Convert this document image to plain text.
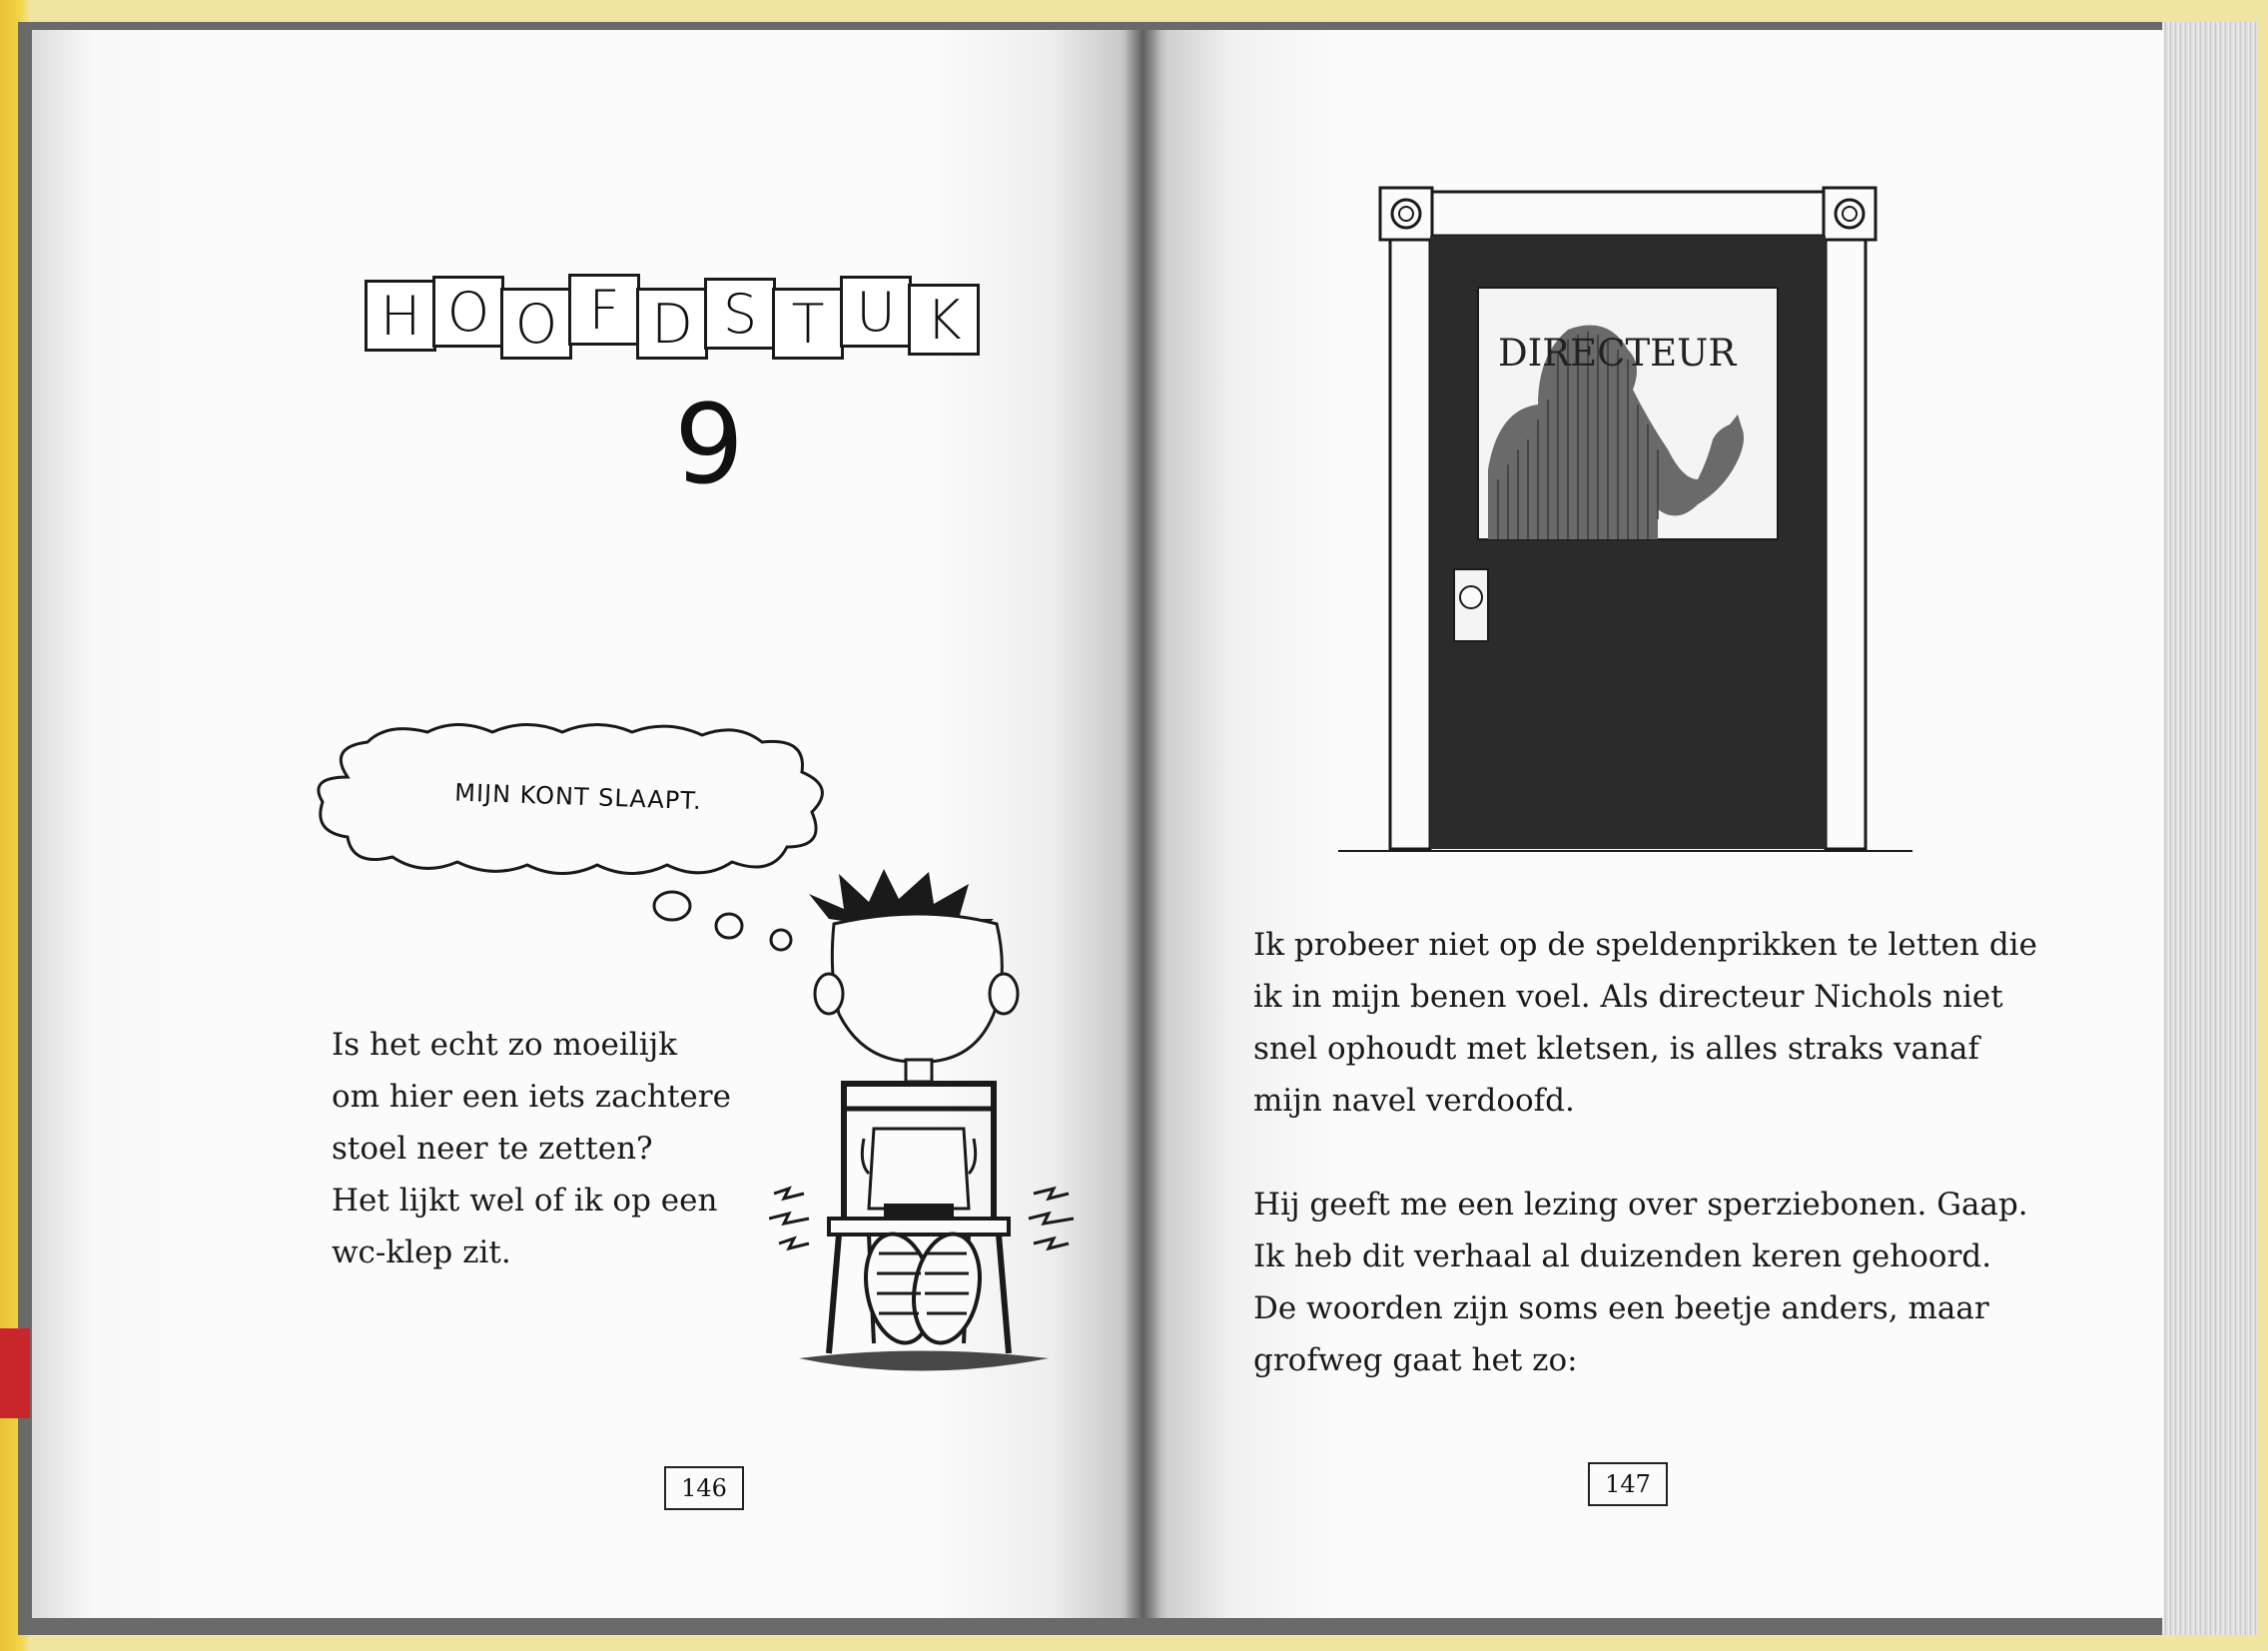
H O O F D S T U K
9
MIJN KONT SLAAPT.
Is het echt zo moeilijk
om hier een iets zachtere
stoel neer te zetten?
Het lijkt wel of ik op een
wc-klep zit.
146
DIRECTEUR
Ik probeer niet op de speldenprikken te letten die
ik in mijn benen voel. Als directeur Nichols niet
snel ophoudt met kletsen, is alles straks vanaf
mijn navel verdoofd.
Hij geeft me een lezing over sperziebonen. Gaap.
Ik heb dit verhaal al duizenden keren gehoord.
De woorden zijn soms een beetje anders, maar
grofweg gaat het zo:
147
